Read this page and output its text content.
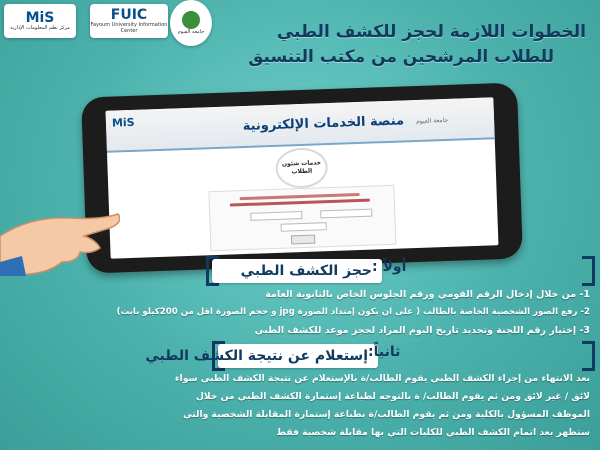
MiS
مركز نظم المعلومات الإدارية
FUIC
Fayoum University Information Center	جامعة الفيوم	الخطوات اللازمة لحجز للكشف الطبي
للطلاب المرشحين من مكتب التنسيق
MiS	منصة الخدمات الإلكترونية جامعة الفيوم
خدمات شئون
الطلاب
حجز الكشف الطبي أولاً :
1- من خلال إدخال الرقم القومي ورقم الجلوس الخاص بالثانوية العامة
2- رفع الصور الشخصية الخاصة بالطالب ( على ان يكون إمتداد الصورة jpg و حجم الصورة اقل من 200كيلو بايت)
3- إختيار رقم اللجنة وتحديد تاريخ اليوم المراد لحجز موعد للكشف الطبي
إستعلام عن نتيجة الكشف الطبي ثانياً:
بعد الانتهاء من إجراء الكشف الطبي يقوم الطالب/ة بالإستعلام عن نتيجة الكشف الطبي سواء
لائق / غير لائق ومن ثم يقوم الطالب/ ة بالتوجه لطباعة إستمارة الكشف الطبي من خلال
الموظف المسؤول بالكلية ومن ثم يقوم الطالب/ة بطباعة إستمارة المقابلة الشخصية والتي
ستظهر بعد اتمام الكشف الطبي للكليات التي بها مقابلة شخصية فقط
